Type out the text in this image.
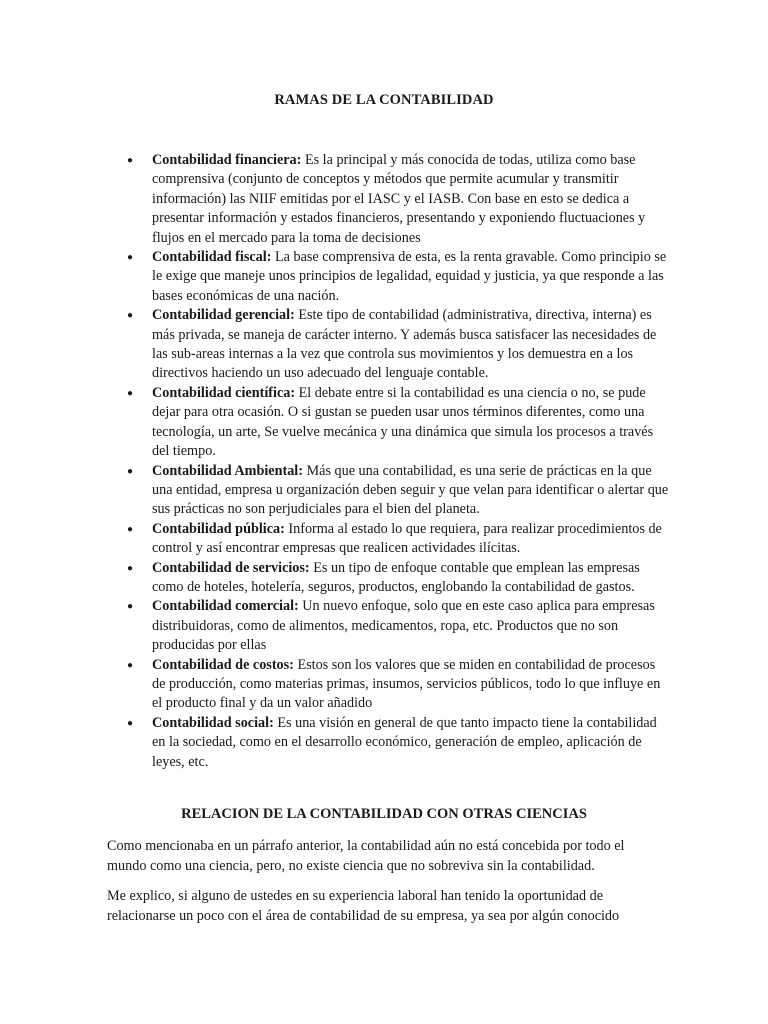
RAMAS DE LA CONTABILIDAD
● Contabilidad financiera: Es la principal y más conocida de todas, utiliza como base comprensiva (conjunto de conceptos y métodos que permite acumular y transmitir información) las NIIF emitidas por el IASC y el IASB. Con base en esto se dedica a presentar información y estados financieros, presentando y exponiendo fluctuaciones y flujos en el mercado para la toma de decisiones
● Contabilidad fiscal: La base comprensiva de esta, es la renta gravable. Como principio se le exige que maneje unos principios de legalidad, equidad y justicia, ya que responde a las bases económicas de una nación.
● Contabilidad gerencial: Este tipo de contabilidad (administrativa, directiva, interna) es más privada, se maneja de carácter interno. Y además busca satisfacer las necesidades de las sub-areas internas a la vez que controla sus movimientos y los demuestra en a los directivos haciendo un uso adecuado del lenguaje contable.
● Contabilidad científica: El debate entre si la contabilidad es una ciencia o no, se pude dejar para otra ocasión. O si gustan se pueden usar unos términos diferentes, como una tecnología, un arte, Se vuelve mecánica y una dinámica que simula los procesos a través del tiempo.
● Contabilidad Ambiental: Más que una contabilidad, es una serie de prácticas en la que una entidad, empresa u organización deben seguir y que velan para identificar o alertar que sus prácticas no son perjudiciales para el bien del planeta.
● Contabilidad pública: Informa al estado lo que requiera, para realizar procedimientos de control y así encontrar empresas que realicen actividades ilícitas.
● Contabilidad de servicios: Es un tipo de enfoque contable que emplean las empresas como de hoteles, hotelería, seguros, productos, englobando la contabilidad de gastos.
● Contabilidad comercial: Un nuevo enfoque, solo que en este caso aplica para empresas distribuidoras, como de alimentos, medicamentos, ropa, etc. Productos que no son producidas por ellas
● Contabilidad de costos: Estos son los valores que se miden en contabilidad de procesos de producción, como materias primas, insumos, servicios públicos, todo lo que influye en el producto final y da un valor añadido
● Contabilidad social: Es una visión en general de que tanto impacto tiene la contabilidad en la sociedad, como en el desarrollo económico, generación de empleo, aplicación de leyes, etc.
RELACION DE LA CONTABILIDAD CON OTRAS CIENCIAS

Como mencionaba en un párrafo anterior, la contabilidad aún no está concebida por todo el mundo como una ciencia, pero, no existe ciencia que no sobreviva sin la contabilidad.

Me explico, si alguno de ustedes en su experiencia laboral han tenido la oportunidad de relacionarse un poco con el área de contabilidad de su empresa, ya sea por algún conocido
